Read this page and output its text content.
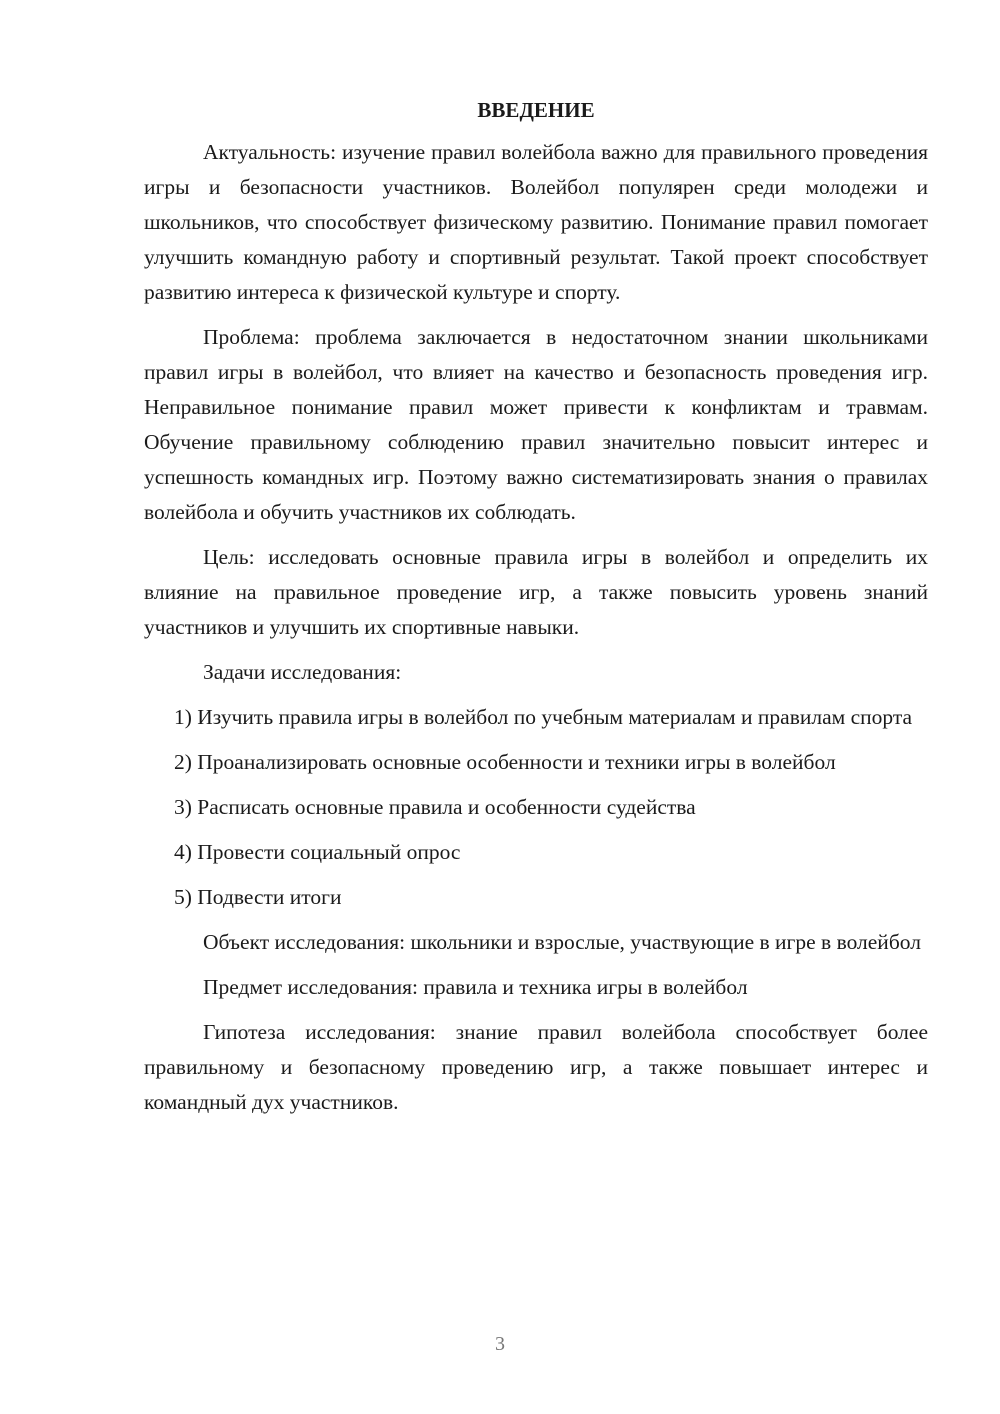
ВВЕДЕНИЕ

Актуальность: изучение правил волейбола важно для правильного проведения игры и безопасности участников. Волейбол популярен среди молодежи и школьников, что способствует физическому развитию. Понимание правил помогает улучшить командную работу и спортивный результат. Такой проект способствует развитию интереса к физической культуре и спорту.

Проблема: проблема заключается в недостаточном знании школьниками правил игры в волейбол, что влияет на качество и безопасность проведения игр. Неправильное понимание правил может привести к конфликтам и травмам. Обучение правильному соблюдению правил значительно повысит интерес и успешность командных игр. Поэтому важно систематизировать знания о правилах волейбола и обучить участников их соблюдать.

Цель: исследовать основные правила игры в волейбол и определить их влияние на правильное проведение игр, а также повысить уровень знаний участников и улучшить их спортивные навыки.

Задачи исследования:

1) Изучить правила игры в волейбол по учебным материалам и правилам спорта

2) Проанализировать основные особенности и техники игры в волейбол

3) Расписать основные правила и особенности судейства

4) Провести социальный опрос

5) Подвести итоги

Объект исследования: школьники и взрослые, участвующие в игре в волейбол

Предмет исследования: правила и техника игры в волейбол

Гипотеза исследования: знание правил волейбола способствует более правильному и безопасному проведению игр, а также повышает интерес и командный дух участников.

3
